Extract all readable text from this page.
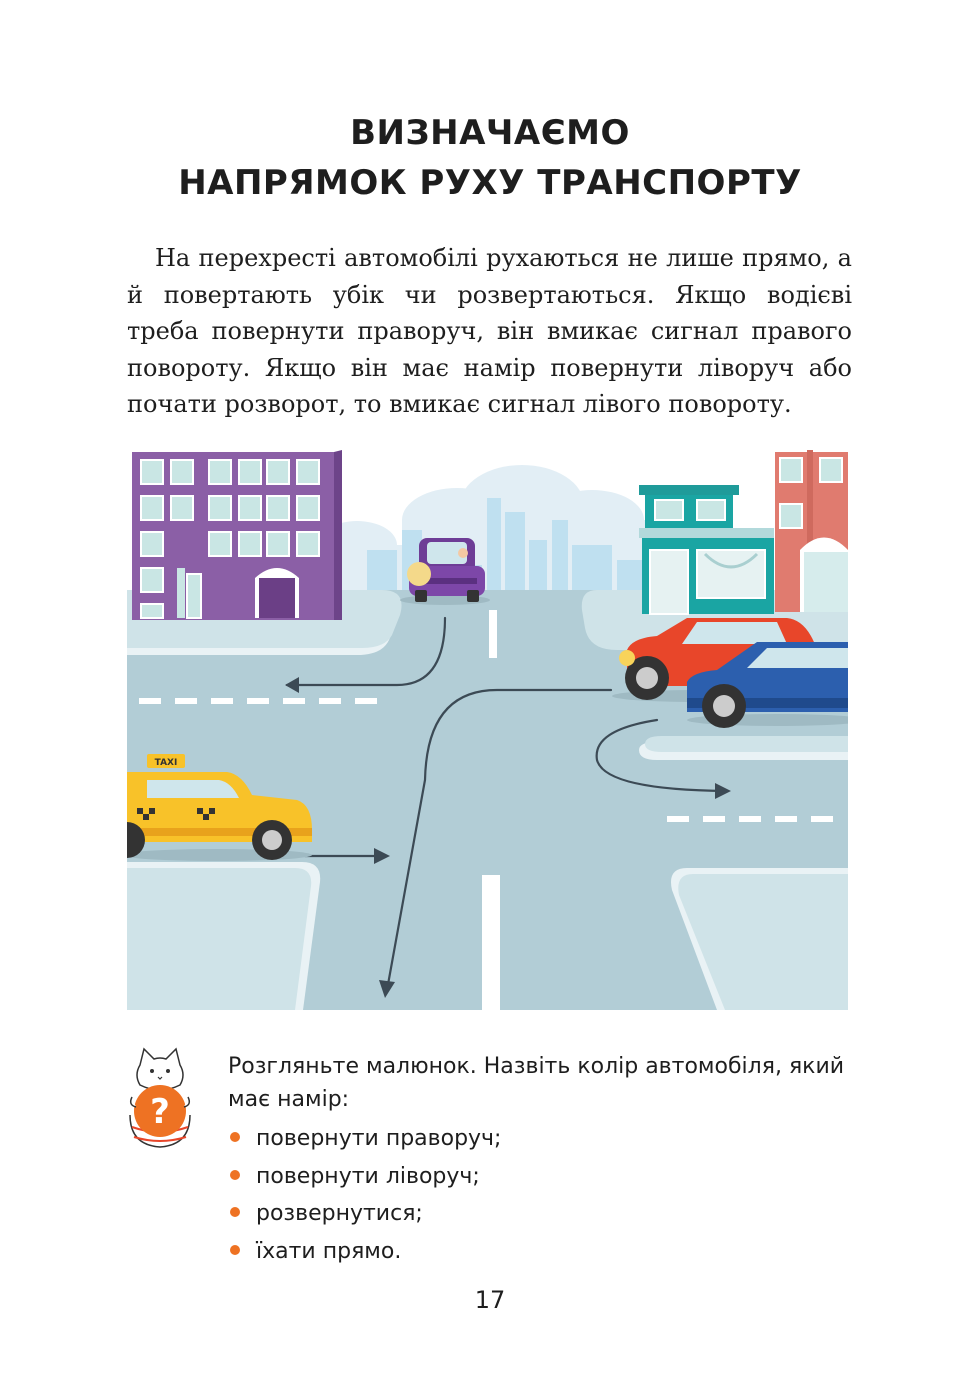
ВИЗНАЧАЄМО
НАПРЯМОК РУХУ ТРАНСПОРТУ

На перехресті автомобілі рухаються не лише прямо, а й повертають убік чи розвертаються. Якщо водієві треба повернути праворуч, він вмикає сигнал правого повороту. Якщо він має намір повернути ліворуч або почати розворот, то вмикає сигнал лівого повороту.

TAXI
?

Розгляньте малюнок. Назвіть колір автомобіля, який має намір:

повернути праворуч;
повернути ліворуч;
розвернутися;
їхати прямо.
17
